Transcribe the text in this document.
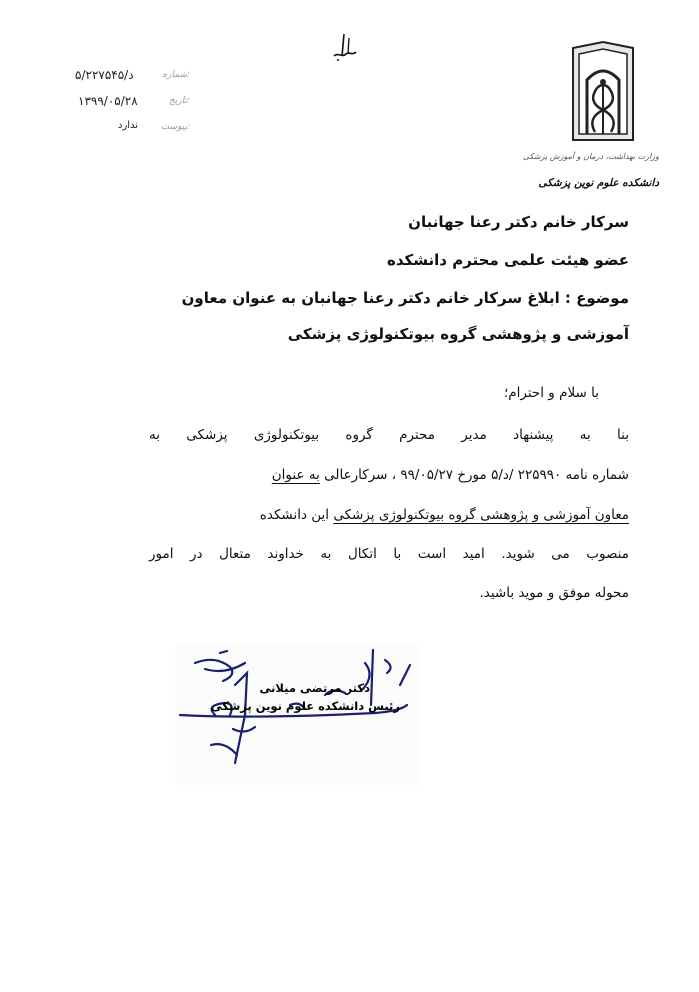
شماره:
۵/د/۲۲۷۵۴۵
تاریخ:
۱۳۹۹/۰۵/۲۸
پیوست:
ندارد
وزارت بهداشت، درمان و آموزش پزشکی
دانشکده علوم نوین پزشکی
سرکار خانم دکتر رعنا جهانبان
عضو هیئت علمی محترم دانشکده
موضوع : ابلاغ سرکار خانم دکتر رعنا جهانبان به عنوان معاون
آموزشی و پژوهشی گروه بیوتکنولوژی پزشکی
با سلام و احترام؛
بنا به پیشنهاد مدیر محترم گروه بیوتکنولوژی پزشکی به
شماره نامه ۲۲۵۹۹۰ /د/۵ مورخ ۹۹/۰۵/۲۷ ، سرکارعالی به عنوان
معاون آموزشی و پژوهشی گروه بیوتکنولوژی پزشکی این دانشکده
منصوب می شوید. امید است با اتکال به خداوند متعال در امور
محوله موفق و موید باشید.
دکتر مرتضی میلانی
رئیس دانشکده علوم نوین پزشکی
